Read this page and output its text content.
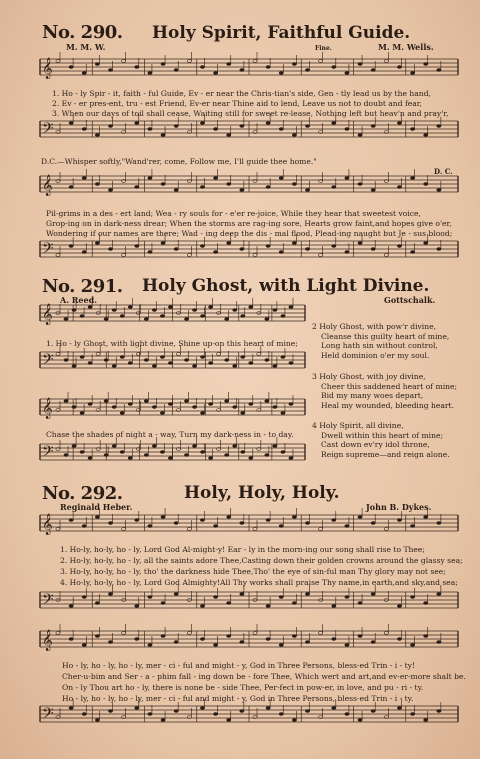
𝄞
𝄢
𝄞
𝄢
𝄞
𝄢
𝄞
𝄢
𝄞
𝄢
𝄞
𝄢
No. 290. Holy Spirit, Faithful Guide.
M. M. W.	Fine.	M. M. Wells.
1. Ho - ly Spir - it, faith - ful Guide, Ev - er near the Chris-tian's side, Gen - tly lead us by the hand,
2. Ev - er pres-ent, tru - est Friend, Ev-er near Thine aid to lend, Leave us not to doubt and fear,
3. When our days of toil shall cease, Waiting still for sweet re-lease, Nothing left but heav'n and pray'r,
D.C.—Whisper softly,"Wand'rer, come, Follow me, I'll guide thee home."
D. C.
Pil-grims in a des - ert land; Wea - ry souls for - e'er re-joice, While they hear that sweetest voice,
Grop-ing on in dark-ness drear; When the storms are rag-ing sore, Hearts grow faint,and hopes give o'er,
Wondering if our names are there; Wad - ing deep the dis - mal flood, Plead-ing naught but Je - sus blood;
No. 291. Holy Ghost, with Light Divine.
A. Reed.	Gottschalk.
1. Ho - ly Ghost, with light divine, Shine up-on this heart of mine;
Chase the shades of night a - way, Turn my dark-ness in - to day.
2 Holy Ghost, with pow'r divine,
Cleanse this guilty heart of mine,
Long hath sin without control,
Held dominion o'er my soul.
3 Holy Ghost, with joy divine,
Cheer this saddened heart of mine;
Bid my many woes depart,
Heal my wounded, bleeding heart.
4 Holy Spirit, all divine,
Dwell within this heart of mine;
Cast down ev'ry idol throne,
Reign supreme—and reign alone.
No. 292.	Holy, Holy, Holy.
Reginald Heber.	John B. Dykes.
1. Ho-ly, ho-ly, ho - ly, Lord God Al-might-y! Ear - ly in the morn-ing our song shall rise to Thee;
2. Ho-ly, ho-ly, ho - ly, all the saints adore Thee,Casting down their golden crowns around the glassy sea;
3. Ho-ly, ho-ly, ho - ly, tho' the darkness hide Thee,Tho' the eye of sin-ful man Thy glory may not see;
4. Ho-ly, ho-ly, ho - ly, Lord God Almighty!All Thy works shall praise Thy name,in earth,and sky,and sea;
Ho - ly, ho - ly, ho - ly, mer - ci - ful and might - y, God in Three Persons, bless-ed Trin - i - ty!
Cher-u-bim and Ser - a - phim fall - ing down be - fore Thee, Which wert and art,and ev-er-more shalt be.
On - ly Thou art ho - ly, there is none be - side Thee, Per-fect in pow-er, in love, and pu - ri - ty.
Ho - ly, ho - ly, ho - ly, mer - ci - ful and might - y, God in Three Persons, bless-ed Trin - i - ty.
